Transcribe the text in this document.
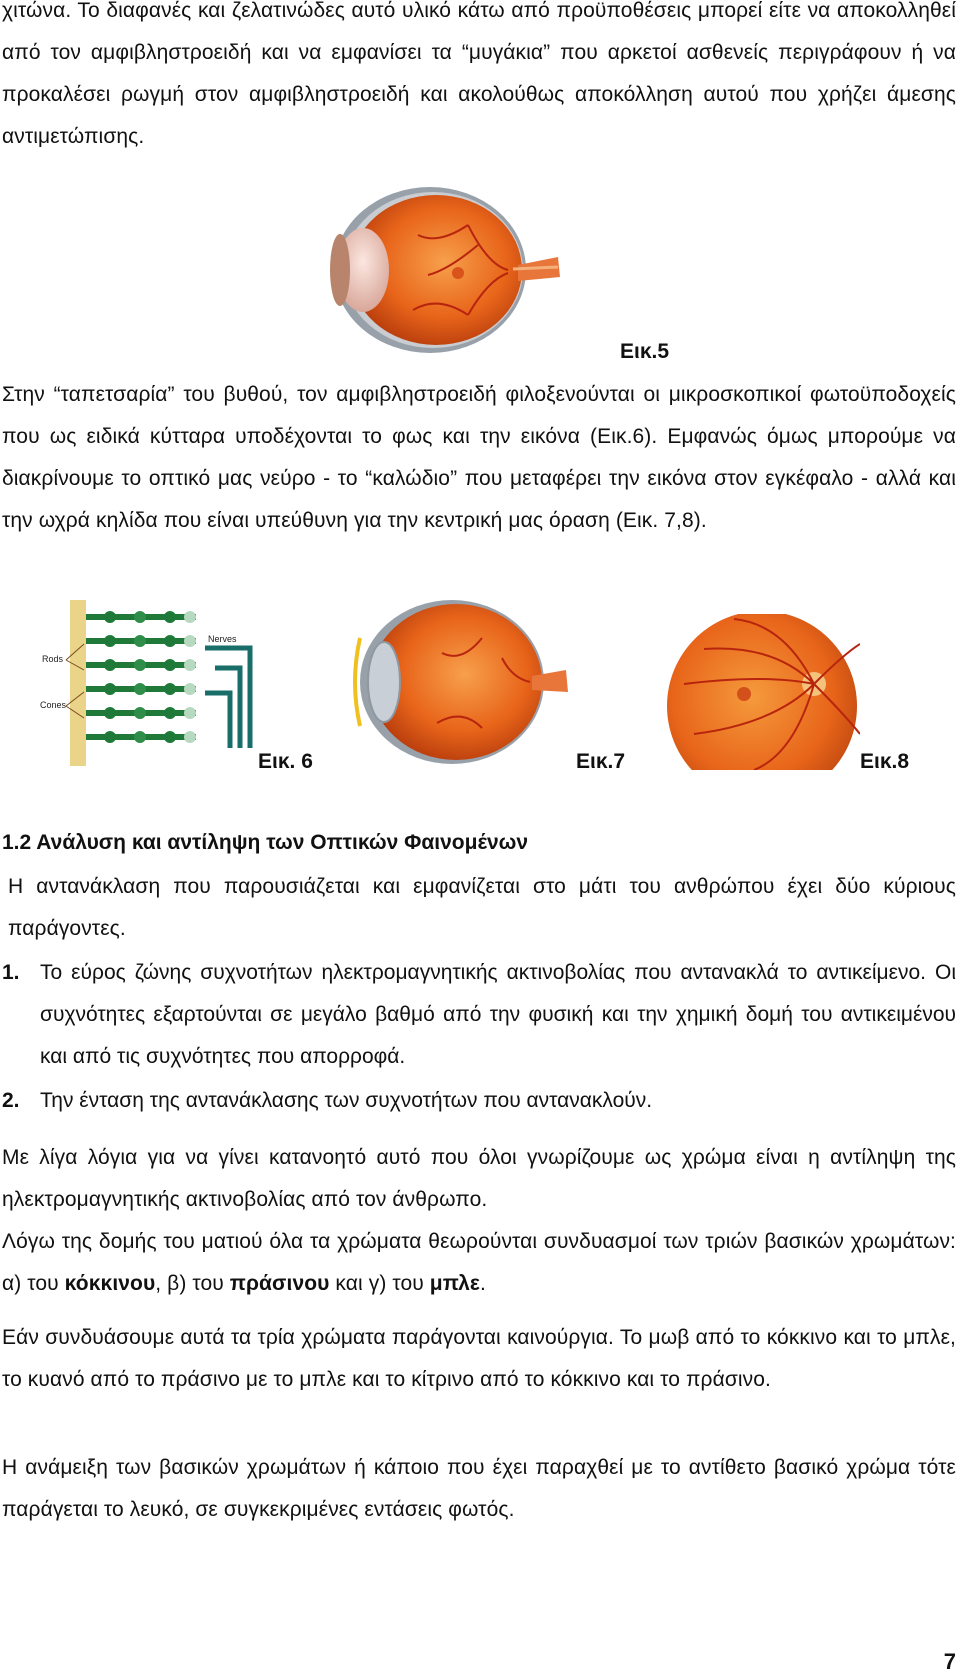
χιτώνα. Το διαφανές και ζελατινώδες αυτό υλικό κάτω από προϋποθέσεις μπορεί είτε να αποκολληθεί από τον αμφιβληστροειδή και να εμφανίσει τα “μυγάκια” που αρκετοί ασθενείς περιγράφουν ή να προκαλέσει ρωγμή στον αμφιβληστροειδή και ακολούθως αποκόλληση αυτού που χρήζει άμεσης αντιμετώπισης.

Εικ.5

Στην “ταπετσαρία” του βυθού, τον αμφιβληστροειδή φιλοξενούνται οι μικροσκοπικοί φωτοϋποδοχείς που ως ειδικά κύτταρα υποδέχονται το φως και την εικόνα (Εικ.6). Εμφανώς όμως μπορούμε να διακρίνουμε το οπτικό μας νεύρο - το “καλώδιο” που μεταφέρει την εικόνα στον εγκέφαλο - αλλά και την ωχρά κηλίδα που είναι υπεύθυνη για την κεντρική μας όραση (Εικ. 7,8).

Rods
Cones
Nerves
Εικ. 6	Εικ.7	Εικ.8
1.2 Ανάλυση και αντίληψη των Οπτικών Φαινομένων

Η αντανάκλαση που παρουσιάζεται και εμφανίζεται στο μάτι του ανθρώπου έχει δύο κύριους παράγοντες.

1. Το εύρος ζώνης συχνοτήτων ηλεκτρομαγνητικής ακτινοβολίας που αντανακλά το αντικείμενο. Οι συχνότητες εξαρτούνται σε μεγάλο βαθμό από την φυσική και την χημική δομή του αντικειμένου και από τις συχνότητες που απορροφά.

2. Την ένταση της αντανάκλασης των συχνοτήτων που αντανακλούν.

Με λίγα λόγια για να γίνει κατανοητό αυτό που όλοι γνωρίζουμε ως χρώμα είναι η αντίληψη της ηλεκτρομαγνητικής ακτινοβολίας από τον άνθρωπο.

Λόγω της δομής του ματιού όλα τα χρώματα θεωρούνται συνδυασμοί των τριών βασικών χρωμάτων: α) του κόκκινου, β) του πράσινου και γ) του μπλε.

Εάν συνδυάσουμε αυτά τα τρία χρώματα παράγονται καινούργια. Το μωβ από το κόκκινο και το μπλε, το κυανό από το πράσινο με το μπλε και το κίτρινο από το κόκκινο και το πράσινο.

Η ανάμειξη των βασικών χρωμάτων ή κάποιο που έχει παραχθεί με το αντίθετο βασικό χρώμα τότε παράγεται το λευκό, σε συγκεκριμένες εντάσεις φωτός.

7
